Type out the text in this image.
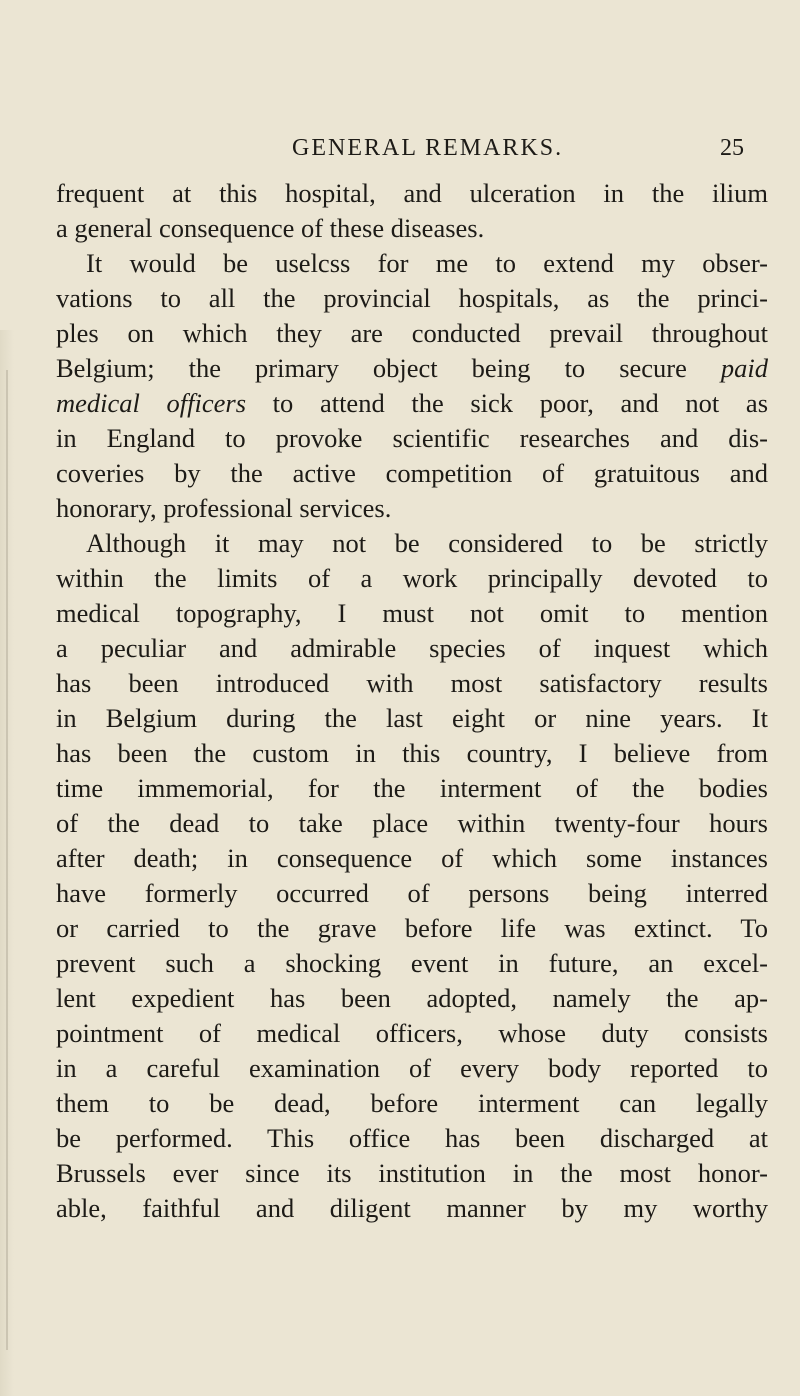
GENERAL REMARKS.	25
frequent at this hospital, and ulceration in the ilium
a general consequence of these diseases.
It would be uselcss for me to extend my obser-
vations to all the provincial hospitals, as the princi-
ples on which they are conducted prevail throughout
Belgium; the primary object being to secure paid
medical officers to attend the sick poor, and not as
in England to provoke scientific researches and dis-
coveries by the active competition of gratuitous and
honorary, professional services.
Although it may not be considered to be strictly
within the limits of a work principally devoted to
medical topography, I must not omit to mention
a peculiar and admirable species of inquest which
has been introduced with most satisfactory results
in Belgium during the last eight or nine years. It
has been the custom in this country, I believe from
time immemorial, for the interment of the bodies
of the dead to take place within twenty-four hours
after death; in consequence of which some instances
have formerly occurred of persons being interred
or carried to the grave before life was extinct. To
prevent such a shocking event in future, an excel-
lent expedient has been adopted, namely the ap-
pointment of medical officers, whose duty consists
in a careful examination of every body reported to
them to be dead, before interment can legally
be performed. This office has been discharged at
Brussels ever since its institution in the most honor-
able, faithful and diligent manner by my worthy
